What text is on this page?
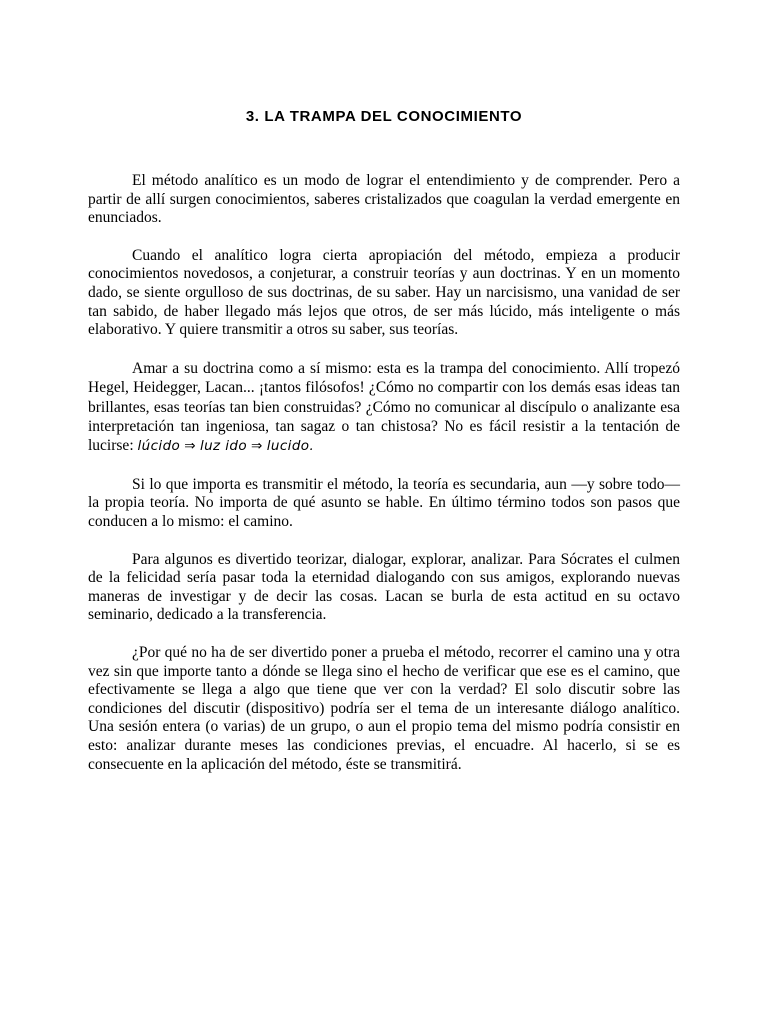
3. LA TRAMPA DEL CONOCIMIENTO

El método analítico es un modo de lograr el entendimiento y de comprender. Pero a partir de allí surgen conocimientos, saberes cristalizados que coagulan la verdad emergente en enunciados.

Cuando el analítico logra cierta apropiación del método, empieza a producir conocimientos novedosos, a conjeturar, a construir teorías y aun doctrinas. Y en un momento dado, se siente orgulloso de sus doctrinas, de su saber. Hay un narcisismo, una vanidad de ser tan sabido, de haber llegado más lejos que otros, de ser más lúcido, más inteligente o más elaborativo. Y quiere transmitir a otros su saber, sus teorías.

Amar a su doctrina como a sí mismo: esta es la trampa del conocimiento. Allí tropezó Hegel, Heidegger, Lacan... ¡tantos filósofos! ¿Cómo no compartir con los demás esas ideas tan brillantes, esas teorías tan bien construidas? ¿Cómo no comunicar al discípulo o analizante esa interpretación tan ingeniosa, tan sagaz o tan chistosa? No es fácil resistir a la tentación de lucirse: lúcido ⇒ luz ido ⇒ lucido.

Si lo que importa es transmitir el método, la teoría es secundaria, aun —y sobre todo— la propia teoría. No importa de qué asunto se hable. En último término todos son pasos que conducen a lo mismo: el camino.

Para algunos es divertido teorizar, dialogar, explorar, analizar. Para Sócrates el culmen de la felicidad sería pasar toda la eternidad dialogando con sus amigos, explorando nuevas maneras de investigar y de decir las cosas. Lacan se burla de esta actitud en su octavo seminario, dedicado a la transferencia.

¿Por qué no ha de ser divertido poner a prueba el método, recorrer el camino una y otra vez sin que importe tanto a dónde se llega sino el hecho de verificar que ese es el camino, que efectivamente se llega a algo que tiene que ver con la verdad? El solo discutir sobre las condiciones del discutir (dispositivo) podría ser el tema de un interesante diálogo analítico. Una sesión entera (o varias) de un grupo, o aun el propio tema del mismo podría consistir en esto: analizar durante meses las condiciones previas, el encuadre. Al hacerlo, si se es consecuente en la aplicación del método, éste se transmitirá.
